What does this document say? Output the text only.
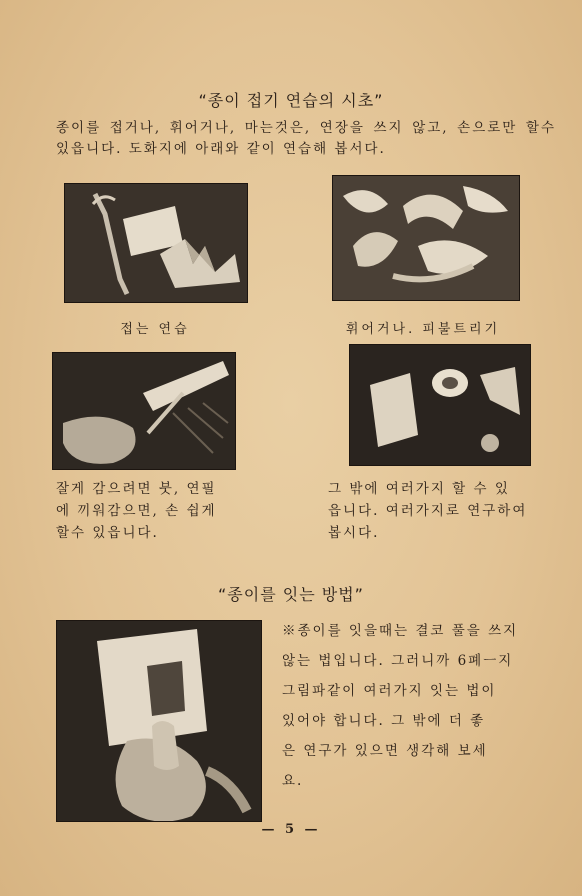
“종이 접기 연습의 시초”
종이를 접거나, 휘어거나, 마는것은, 연장을 쓰지 않고, 손으로만 할수 있읍니다. 도화지에 아래와 같이 연습해 봅서다.
접는 연습	휘어거나. 피불트리기
잘게 감으려면 붓, 연필
에 끼워감으면, 손 쉽게
할수 있읍니다.
그 밖에 여러가지 할 수 있
읍니다. 여러가지로 연구하여
봅시다.
“종이를 잇는 방법”
※종이를 잇을때는 결코 풀을 쓰지
않는 법입니다. 그러니까 6폐ㅡ지
그림파같이 여러가지 잇는 법이
있어야 합니다. 그 밖에 더 좋
은 연구가 있으면 생각해 보세
요.
— 5 —
